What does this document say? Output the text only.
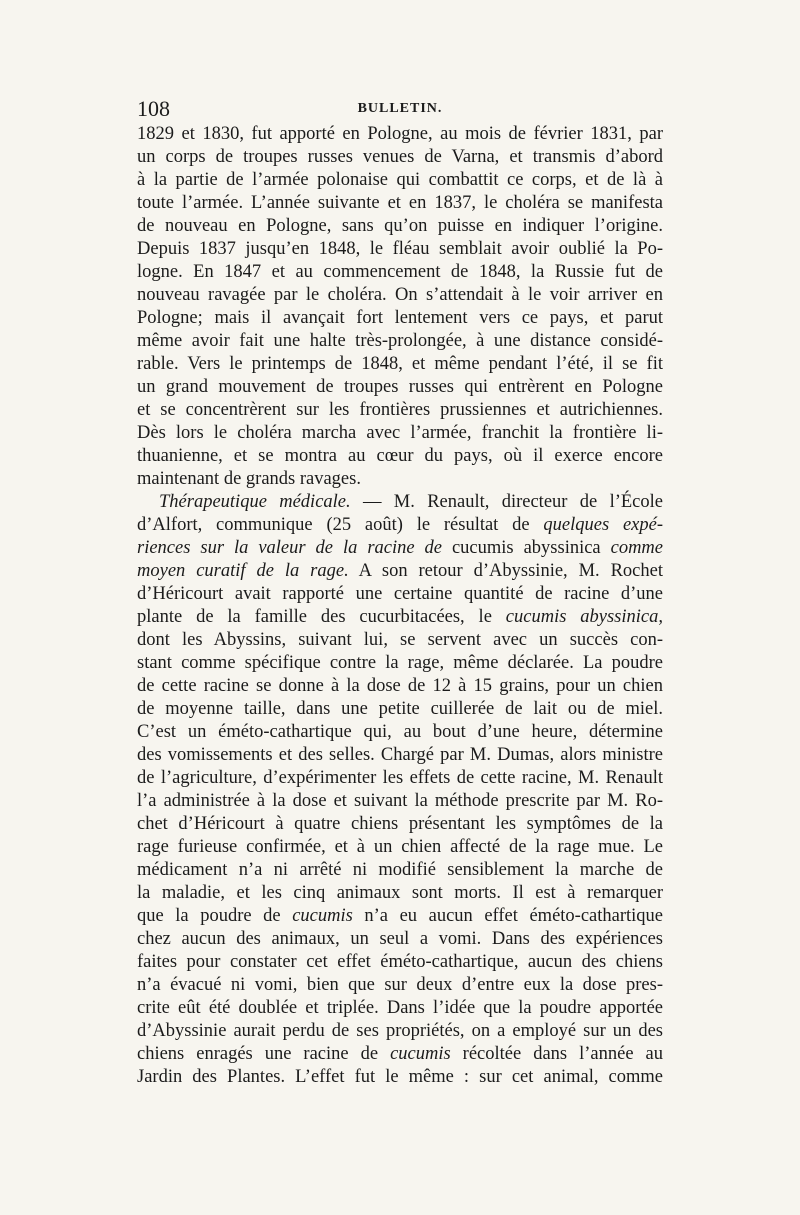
108	BULLETIN.
1829 et 1830, fut apporté en Pologne, au mois de février 1831, par
un corps de troupes russes venues de Varna, et transmis d’abord
à la partie de l’armée polonaise qui combattit ce corps, et de là à
toute l’armée. L’année suivante et en 1837, le choléra se manifesta
de nouveau en Pologne, sans qu’on puisse en indiquer l’origine.
Depuis 1837 jusqu’en 1848, le fléau semblait avoir oublié la Po-
logne. En 1847 et au commencement de 1848, la Russie fut de
nouveau ravagée par le choléra. On s’attendait à le voir arriver en
Pologne; mais il avançait fort lentement vers ce pays, et parut
même avoir fait une halte très-prolongée, à une distance considé-
rable. Vers le printemps de 1848, et même pendant l’été, il se fit
un grand mouvement de troupes russes qui entrèrent en Pologne
et se concentrèrent sur les frontières prussiennes et autrichiennes.
Dès lors le choléra marcha avec l’armée, franchit la frontière li-
thuanienne, et se montra au cœur du pays, où il exerce encore
maintenant de grands ravages.
Thérapeutique médicale. — M. Renault, directeur de l’École
d’Alfort, communique (25 août) le résultat de quelques expé-
riences sur la valeur de la racine de cucumis abyssinica comme
moyen curatif de la rage. A son retour d’Abyssinie, M. Rochet
d’Héricourt avait rapporté une certaine quantité de racine d’une
plante de la famille des cucurbitacées, le cucumis abyssinica,
dont les Abyssins, suivant lui, se servent avec un succès con-
stant comme spécifique contre la rage, même déclarée. La poudre
de cette racine se donne à la dose de 12 à 15 grains, pour un chien
de moyenne taille, dans une petite cuillerée de lait ou de miel.
C’est un éméto-cathartique qui, au bout d’une heure, détermine
des vomissements et des selles. Chargé par M. Dumas, alors ministre
de l’agriculture, d’expérimenter les effets de cette racine, M. Renault
l’a administrée à la dose et suivant la méthode prescrite par M. Ro-
chet d’Héricourt à quatre chiens présentant les symptômes de la
rage furieuse confirmée, et à un chien affecté de la rage mue. Le
médicament n’a ni arrêté ni modifié sensiblement la marche de
la maladie, et les cinq animaux sont morts. Il est à remarquer
que la poudre de cucumis n’a eu aucun effet éméto-cathartique
chez aucun des animaux, un seul a vomi. Dans des expériences
faites pour constater cet effet éméto-cathartique, aucun des chiens
n’a évacué ni vomi, bien que sur deux d’entre eux la dose pres-
crite eût été doublée et triplée. Dans l’idée que la poudre apportée
d’Abyssinie aurait perdu de ses propriétés, on a employé sur un des
chiens enragés une racine de cucumis récoltée dans l’année au
Jardin des Plantes. L’effet fut le même : sur cet animal, comme
